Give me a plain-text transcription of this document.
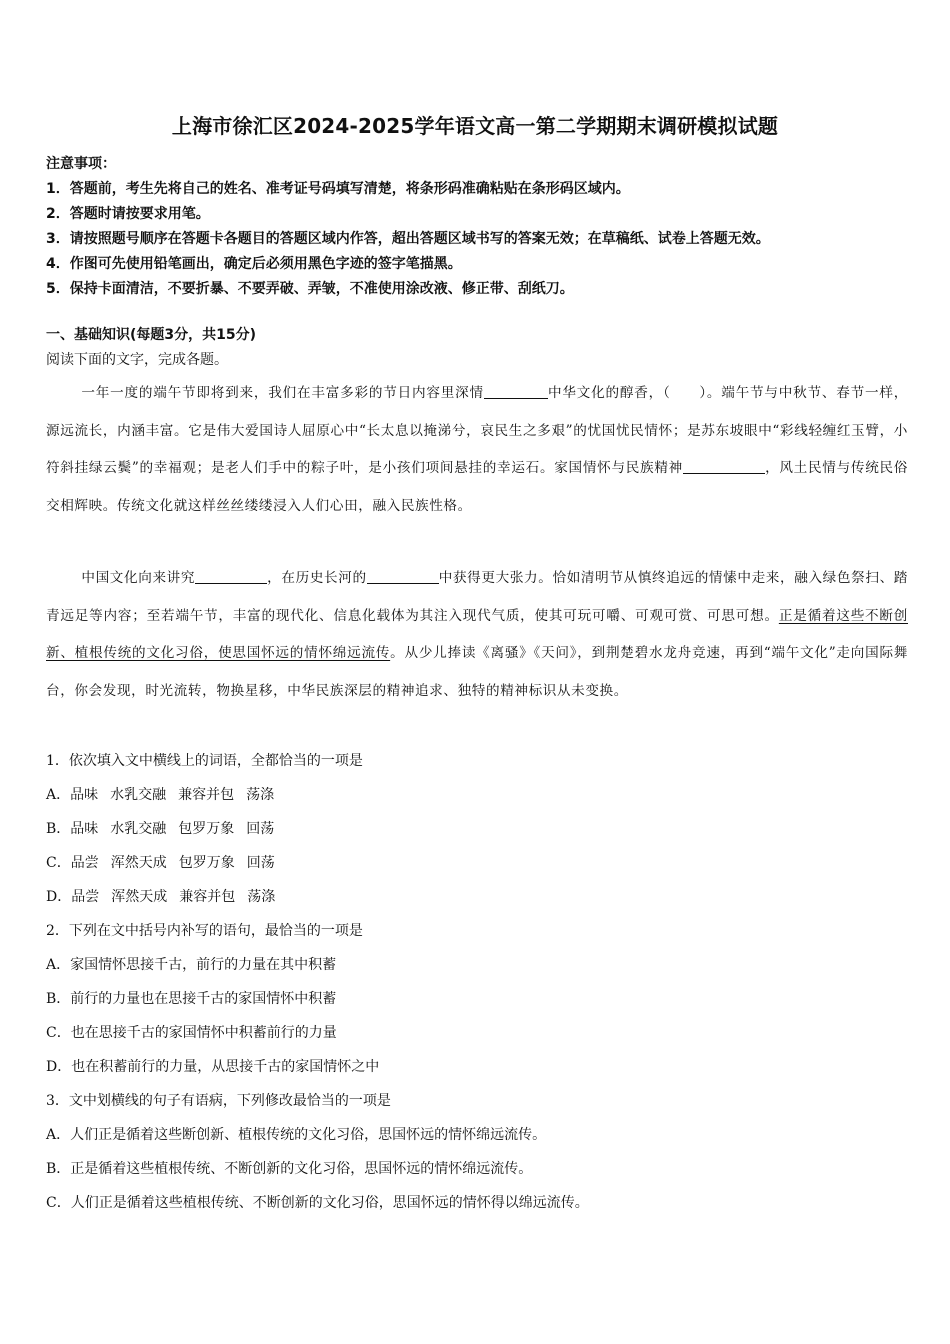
上海市徐汇区2024-2025学年语文高一第二学期期末调研模拟试题
注意事项：
1．答题前，考生先将自己的姓名、准考证号码填写清楚，将条形码准确粘贴在条形码区域内。
2．答题时请按要求用笔。
3．请按照题号顺序在答题卡各题目的答题区域内作答，超出答题区域书写的答案无效；在草稿纸、试卷上答题无效。
4．作图可先使用铅笔画出，确定后必须用黑色字迹的签字笔描黑。
5．保持卡面清洁，不要折暴、不要弄破、弄皱，不准使用涂改液、修正带、刮纸刀。
一、基础知识(每题3分，共15分)
阅读下面的文字，完成各题。
一年一度的端午节即将到来，我们在丰富多彩的节日内容里深情	中华文化的醇香，（　　）。端午节与中秋节、春节一样，源远流长，内涵丰富。它是伟大爱国诗人屈原心中“长太息以掩涕兮，哀民生之多艰”的忧国忧民情怀；是苏东坡眼中“彩线轻缠红玉臂，小符斜挂绿云鬓”的幸福观；是老人们手中的粽子叶，是小孩们项间悬挂的幸运石。家国情怀与民族精神	，风土民情与传统民俗交相辉映。传统文化就这样丝丝缕缕浸入人们心田，融入民族性格。
中国文化向来讲究	，在历史长河的	中获得更大张力。恰如清明节从慎终追远的情愫中走来，融入绿色祭扫、踏青远足等内容；至若端午节，丰富的现代化、信息化载体为其注入现代气质，使其可玩可嚼、可观可赏、可思可想。正是循着这些不断创新、植根传统的文化习俗，使思国怀远的情怀绵远流传。从少儿捧读《离骚》《天问》，到荆楚碧水龙舟竞速，再到“端午文化”走向国际舞台，你会发现，时光流转，物换星移，中华民族深层的精神追求、独特的精神标识从未变换。
1．依次填入文中横线上的词语，全都恰当的一项是
A．品味 水乳交融 兼容并包 荡涤
B．品味 水乳交融 包罗万象 回荡
C．品尝 浑然天成 包罗万象 回荡
D．品尝 浑然天成 兼容并包 荡涤
2．下列在文中括号内补写的语句，最恰当的一项是
A．家国情怀思接千古，前行的力量在其中积蓄
B．前行的力量也在思接千古的家国情怀中积蓄
C．也在思接千古的家国情怀中积蓄前行的力量
D．也在积蓄前行的力量，从思接千古的家国情怀之中
3．文中划横线的句子有语病，下列修改最恰当的一项是
A．人们正是循着这些断创新、植根传统的文化习俗，思国怀远的情怀绵远流传。
B．正是循着这些植根传统、不断创新的文化习俗，思国怀远的情怀绵远流传。
C．人们正是循着这些植根传统、不断创新的文化习俗，思国怀远的情怀得以绵远流传。
